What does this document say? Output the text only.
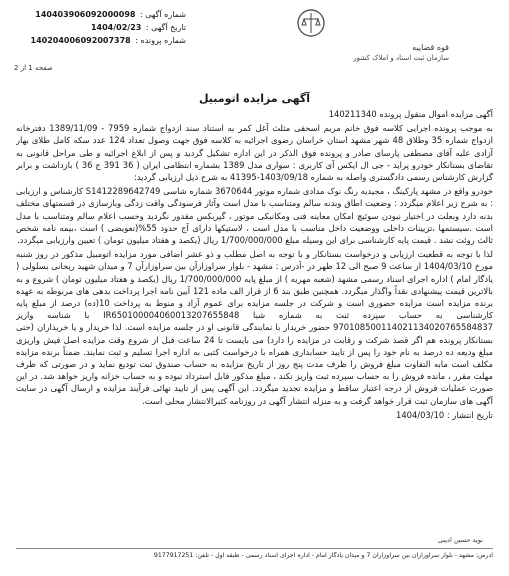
شماره آگهی : 140403906092000098
تاریخ آگهی : 1404/02/23
شماره پرونده : 140204006092007378
قوه قضاییه
سازمان ثبت اسناد و املاک کشور
صفحه 1 از 2
آگهی مزایده اتومبیل

آگهی مزایده اموال منقول پرونده 140211340

به موجب پرونده اجرایی کلاسه فوق خانم مریم اسحقی مثلث آغل کمر به استناد سند ازدواج شماره 7959 - 1389/11/09 دفترخانه ازدواج شماره 35 وطلاق 48 شهر مشهد استان خراسان رضوی اجرائیه به کلاسه فوق جهت وصول تعداد 124 عدد سکه کامل طلای بهار آزادی علیه آقای مصطفی پارسای صادر و پرونده فوق الذکر در این اداره تشکیل گردید و پس از ابلاغ اجرائیه و طی مراحل قانونی به تقاضای بستانکار خودرو پراید - جی ال ایکس آی کاربری : سواری مدل 1389 بشماره انتظامی ایران ( 36 391 ج 36 ) بازداشت و برابر گزارش کارشناس رسمی دادگستری واصله به شماره 1403/09/18-41395 به شرح ذیل ارزیابی گردید:

خودرو واقع در مشهد پارکینگ ، مجیدیه رنگ نوک مدادی شماره موتور 3670644 شماره شاسی S1412289642749 کارشناس و ارزیابی : به شرح زیر اعلام میگردد : وضعیت اطاق وبدنه سالم ومتناسب با مدل است وآثار فرسودگی واقت زدگی وبازسازی در قسمتهای مختلف بدنه دارد وبعلت در اختیار نبودن سوئیچ امکان معاینه فنی ومکانیکی موتور ، گیربکس مقدور نگردید وحسب اعلام سالم ومتناسب با مدل است .سیستمها ،تزیینات داخلی ووضعیت داخل مناسب با مدل است ، لاستیکها دارای آج حدود 55%(تعویضی ) است ،بیمه نامه شخص ثالث روئت نشد . قیمت پایه کارشناسی برای این وسیله مبلغ 1/700/000/000 ریال (یکصد و هفتاد میلیون تومان ) تعیین وارزیابی میگردد.

لذا با توجه به قطعیت ارزیابی و درخواست بستانکار و با توجه به اصل مطلب و ذو عشر اضافی مورد مزایده اتومبیل مذکور در روز شنبه مورخ 1404/03/10 از ساعت 9 صبح الی 12 ظهر در -آدرس : مشهد - بلوار سراوزارآن بین سراوزارآن 7 و میدان شهید ریحانی بسلولی ( یادگار امام ) اداره اجرای اسناد رسمی مشهد (شعبه مهریه ) از مبلغ پایه 1/700/000/000 ریال (یکصد و هفتاد میلیون تومان ) شروع و به بالاترین قیمت پیشنهادی نقداً واگذار میگردد. همچنین طبق بند 6 از قرار الف ماده 121 آیین نامه اجرا پرداخت بدهی های مربوطه به عهده برنده مزایده است مزایده حضوری است و شرکت در جلسه مزایده برای عموم آزاد و منوط به پرداخت 10(ده) درصد از مبلغ پایه کارشناسی به حساب سپرده ثبت به شماره شبا IR650100004060013207655848 با شناسه واریز 970108500114021134020765584837 حضور خریدار با نمایندگی قانونی او در جلسه مزایده است. لذا خریدار و یا خریداران (حتی بستانکار پرونده هم اگر قصد شرکت و رقابت در مزایده را دارد) می بایست تا 24 ساعت قبل از شروع وقت مزایده اصل فیش واریزی مبلغ ودیعه ده درصد به نام خود را پس از تایید حسابداری همراه با درخواست کتبی به اداره اجرا تسلیم و ثبت نمایند. ضمناً برنده مزایده مکلف است مابه التفاوت مبلغ فروش را ظرف مدت پنج روز از تاریخ مزایده به حساب صندوق ثبت تودیع نماید و در صورتی که ظرف مهلت مقرر ، مانده فروش را به حساب سپرده ثبت واریز نکند ، مبلغ مذکور قابل استرداد نبوده و به حساب خزانه واریز خواهد شد. در این صورت عملیات فروش از درجه اعتبار ساقط و مزایده تجدید میگردد. این آگهی پس از تایید نهائی فرآیند مزایده و ارسال آگهی در سایت آگهی های سازمان ثبت قرار خواهد گرفت و به منزله انتشار آگهی در روزنامه کثیرالانتشار محلی است.

تاریخ انتشار : 1404/03/10

نوید حسین ادیبی
آدرس: مشهد - بلوار سراوزارآن بین سراوزارآن 7 و میدان یادگار امام - اداره اجرای اسناد رسمی - طبقه اول - تلفن: 9177917251
